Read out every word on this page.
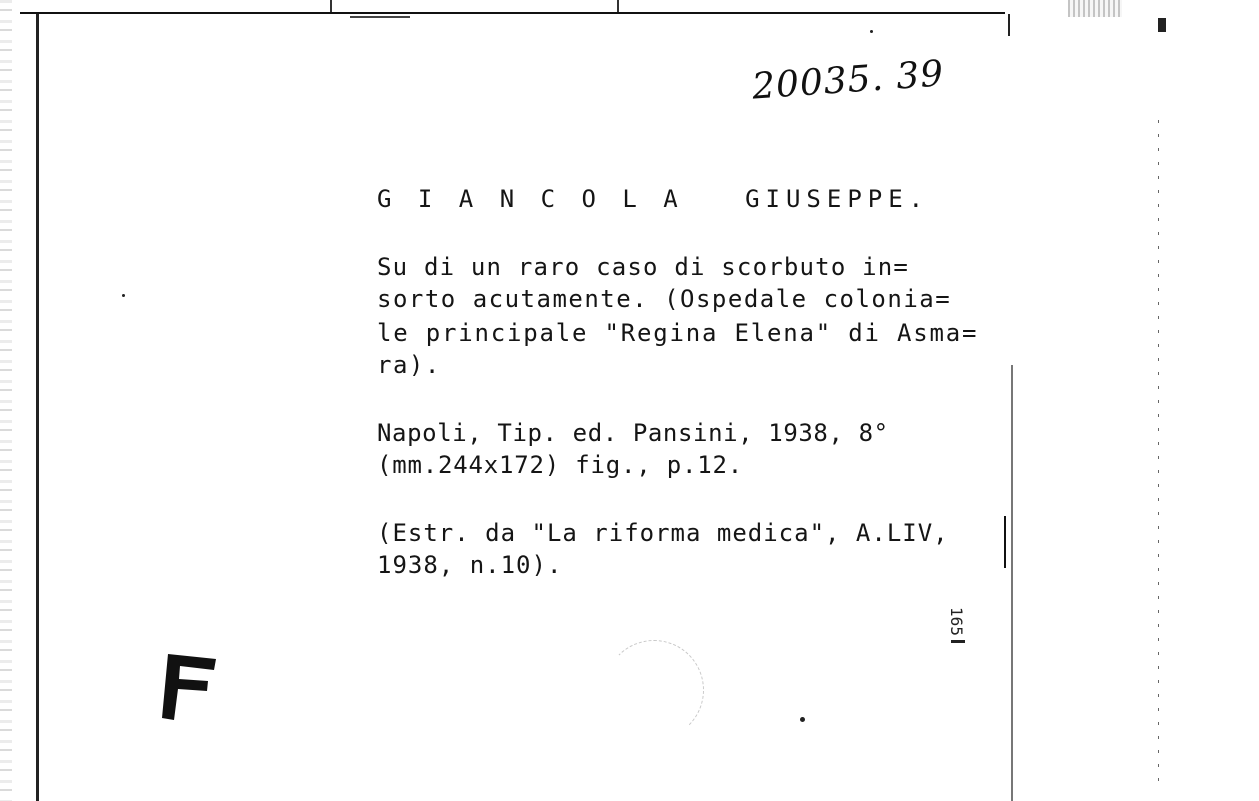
20035. 39
G I A N C O L A   GIUSEPPE.
Su di un raro caso di scorbuto in=
sorto acutamente. (Ospedale colonia=
le principale "Regina Elena" di Asma=
ra).
Napoli, Tip. ed. Pansini, 1938, 8°
(mm.244x172) fig., p.12.
(Estr. da "La riforma medica", A.LIV,
1938, n.10).
165
